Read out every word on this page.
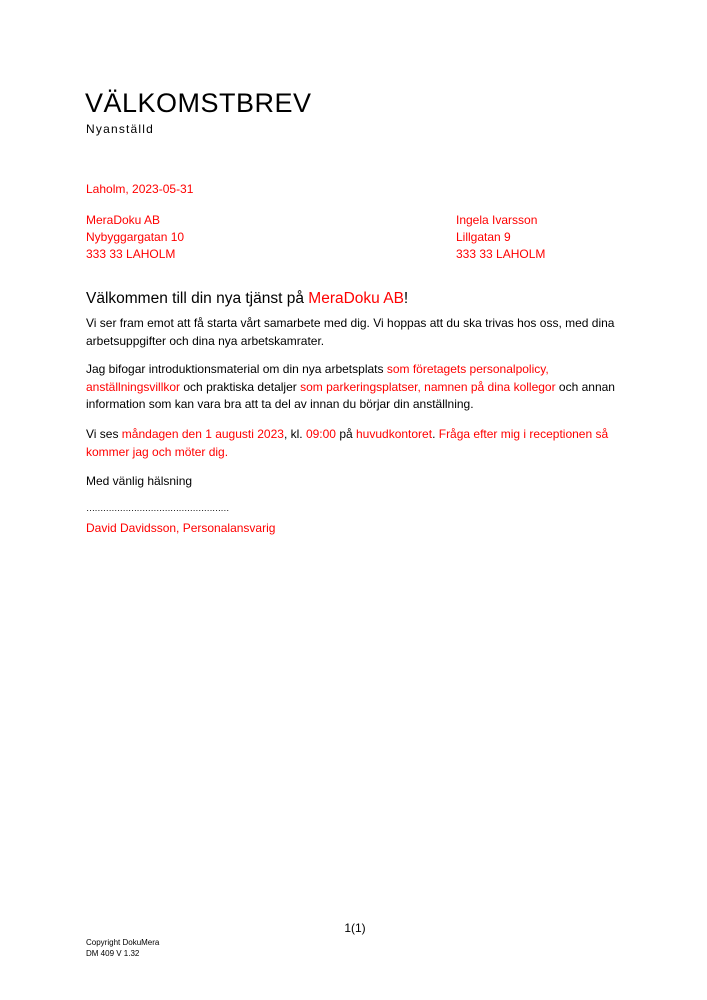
VÄLKOMSTBREV
Nyanställd
Laholm, 2023-05-31
MeraDoku AB
Nybyggargatan 10
333 33 LAHOLM
Ingela Ivarsson
Lillgatan 9
333 33 LAHOLM
Välkommen till din nya tjänst på MeraDoku AB!
Vi ser fram emot att få starta vårt samarbete med dig. Vi hoppas att du ska trivas hos oss, med dina arbetsuppgifter och dina nya arbetskamrater.
Jag bifogar introduktionsmaterial om din nya arbetsplats som företagets personalpolicy, anställningsvillkor och praktiska detaljer som parkeringsplatser, namnen på dina kollegor och annan information som kan vara bra att ta del av innan du börjar din anställning.
Vi ses måndagen den 1 augusti 2023, kl. 09:00 på huvudkontoret. Fråga efter mig i receptionen så kommer jag och möter dig.
Med vänlig hälsning
……………………………………………
David Davidsson, Personalansvarig
1(1)
Copyright DokuMera
DM 409 V 1.32
